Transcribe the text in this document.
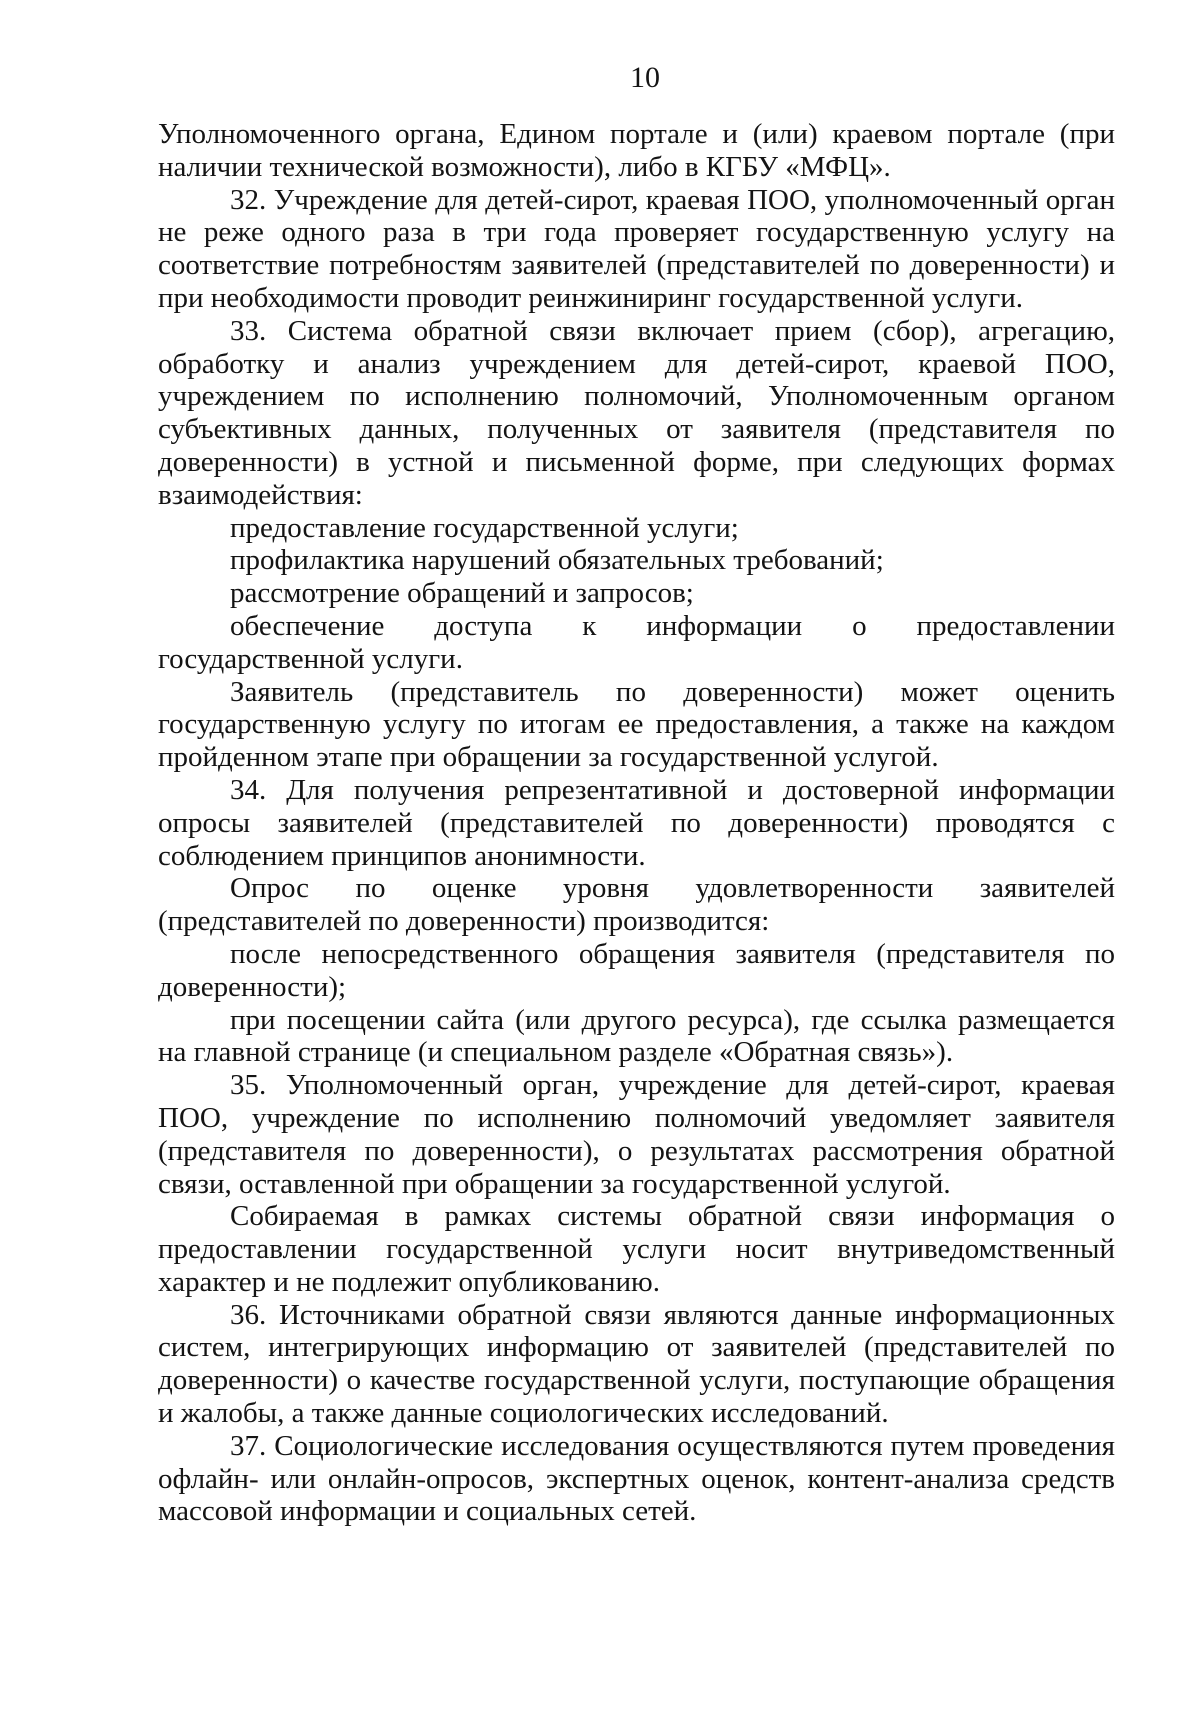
10

Уполномоченного органа, Едином портале и (или) краевом портале (при наличии технической возможности), либо в КГБУ «МФЦ».

32. Учреждение для детей-сирот, краевая ПОО, уполномоченный орган не реже одного раза в три года проверяет государственную услугу на соответствие потребностям заявителей (представителей по доверенности) и при необходимости проводит реинжиниринг государственной услуги.

33. Система обратной связи включает прием (сбор), агрегацию, обработку и анализ учреждением для детей-сирот, краевой ПОО, учреждением по исполнению полномочий, Уполномоченным органом субъективных данных, полученных от заявителя (представителя по доверенности) в устной и письменной форме, при следующих формах взаимодействия:

предоставление государственной услуги;

профилактика нарушений обязательных требований;

рассмотрение обращений и запросов;

обеспечение доступа к информации о предоставлении государственной услуги.

Заявитель (представитель по доверенности) может оценить государственную услугу по итогам ее предоставления, а также на каждом пройденном этапе при обращении за государственной услугой.

34. Для получения репрезентативной и достоверной информации опросы заявителей (представителей по доверенности) проводятся с соблюдением принципов анонимности.

Опрос по оценке уровня удовлетворенности заявителей (представителей по доверенности) производится:

после непосредственного обращения заявителя (представителя по доверенности);

при посещении сайта (или другого ресурса), где ссылка размещается на главной странице (и специальном разделе «Обратная связь»).

35. Уполномоченный орган, учреждение для детей-сирот, краевая ПОО, учреждение по исполнению полномочий уведомляет заявителя (представителя по доверенности), о результатах рассмотрения обратной связи, оставленной при обращении за государственной услугой.

Собираемая в рамках системы обратной связи информация о предоставлении государственной услуги носит внутриведомственный характер и не подлежит опубликованию.

36. Источниками обратной связи являются данные информационных систем, интегрирующих информацию от заявителей (представителей по доверенности) о качестве государственной услуги, поступающие обращения и жалобы, а также данные социологических исследований.

37. Социологические исследования осуществляются путем проведения офлайн- или онлайн-опросов, экспертных оценок, контент-анализа средств массовой информации и социальных сетей.
